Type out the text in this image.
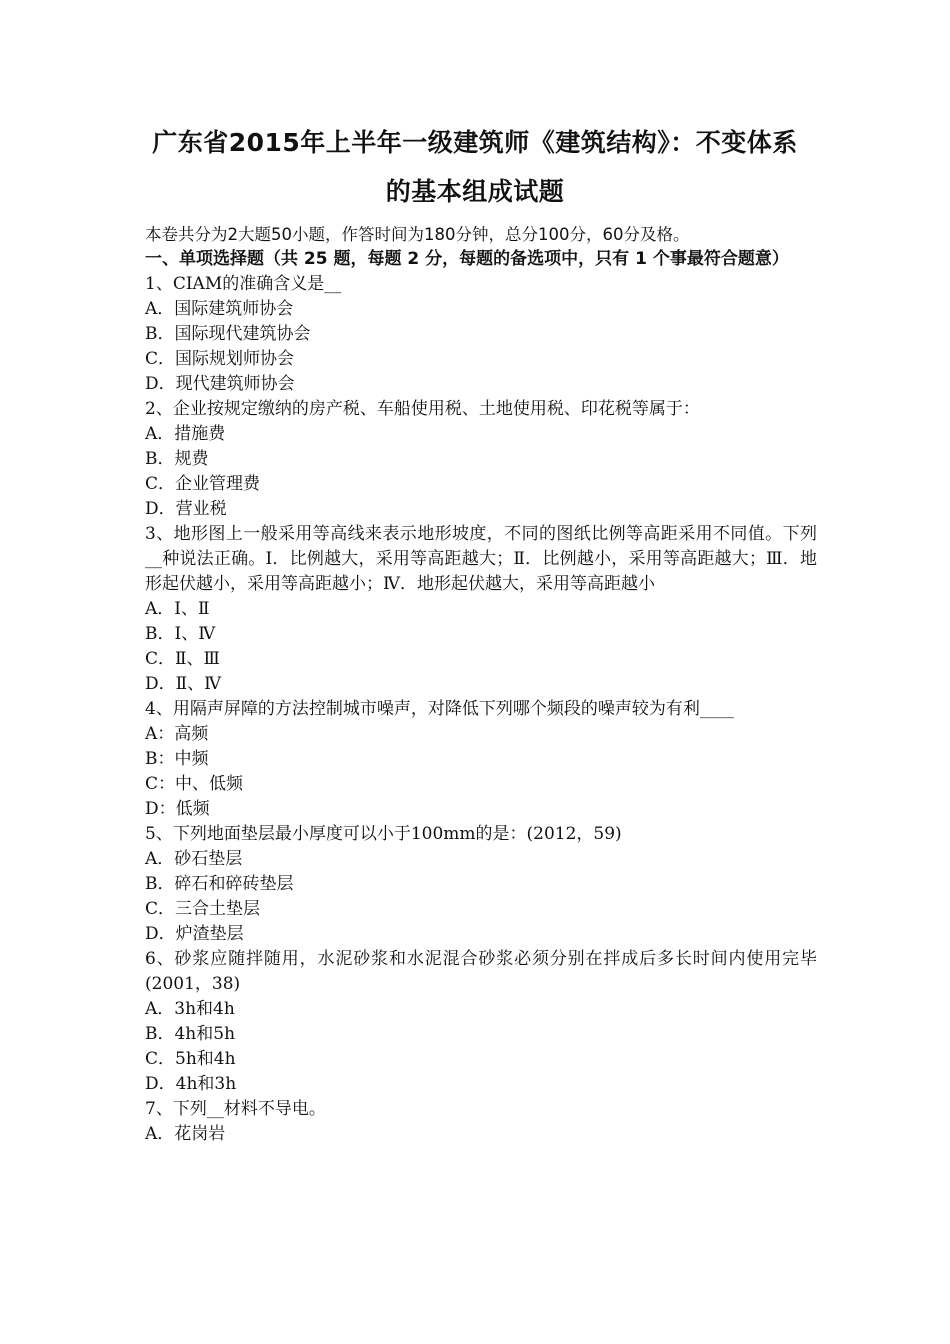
广东省2015年上半年一级建筑师《建筑结构》：不变体系
的基本组成试题
本卷共分为2大题50小题，作答时间为180分钟，总分100分，60分及格。
一、单项选择题（共 25 题，每题 2 分，每题的备选项中，只有 1 个事最符合题意）
1、CIAM的准确含义是__
A．国际建筑师协会
B．国际现代建筑协会
C．国际规划师协会
D．现代建筑师协会
2、企业按规定缴纳的房产税、车船使用税、土地使用税、印花税等属于：
A．措施费
B．规费
C．企业管理费
D．营业税
3、地形图上一般采用等高线来表示地形坡度，不同的图纸比例等高距采用不同值。下列__种说法正确。Ⅰ．比例越大，采用等高距越大；Ⅱ．比例越小，采用等高距越大；Ⅲ．地形起伏越小，采用等高距越小；Ⅳ．地形起伏越大，采用等高距越小
A．Ⅰ、Ⅱ
B．Ⅰ、Ⅳ
C．Ⅱ、Ⅲ
D．Ⅱ、Ⅳ
4、用隔声屏障的方法控制城市噪声，对降低下列哪个频段的噪声较为有利____
A：高频
B：中频
C：中、低频
D：低频
5、下列地面垫层最小厚度可以小于100mm的是：(2012，59)
A．砂石垫层
B．碎石和碎砖垫层
C．三合土垫层
D．炉渣垫层
6、砂浆应随拌随用，水泥砂浆和水泥混合砂浆必须分别在拌成后多长时间内使用完毕(2001，38)
A．3h和4h
B．4h和5h
C．5h和4h
D．4h和3h
7、下列__材料不导电。
A．花岗岩
